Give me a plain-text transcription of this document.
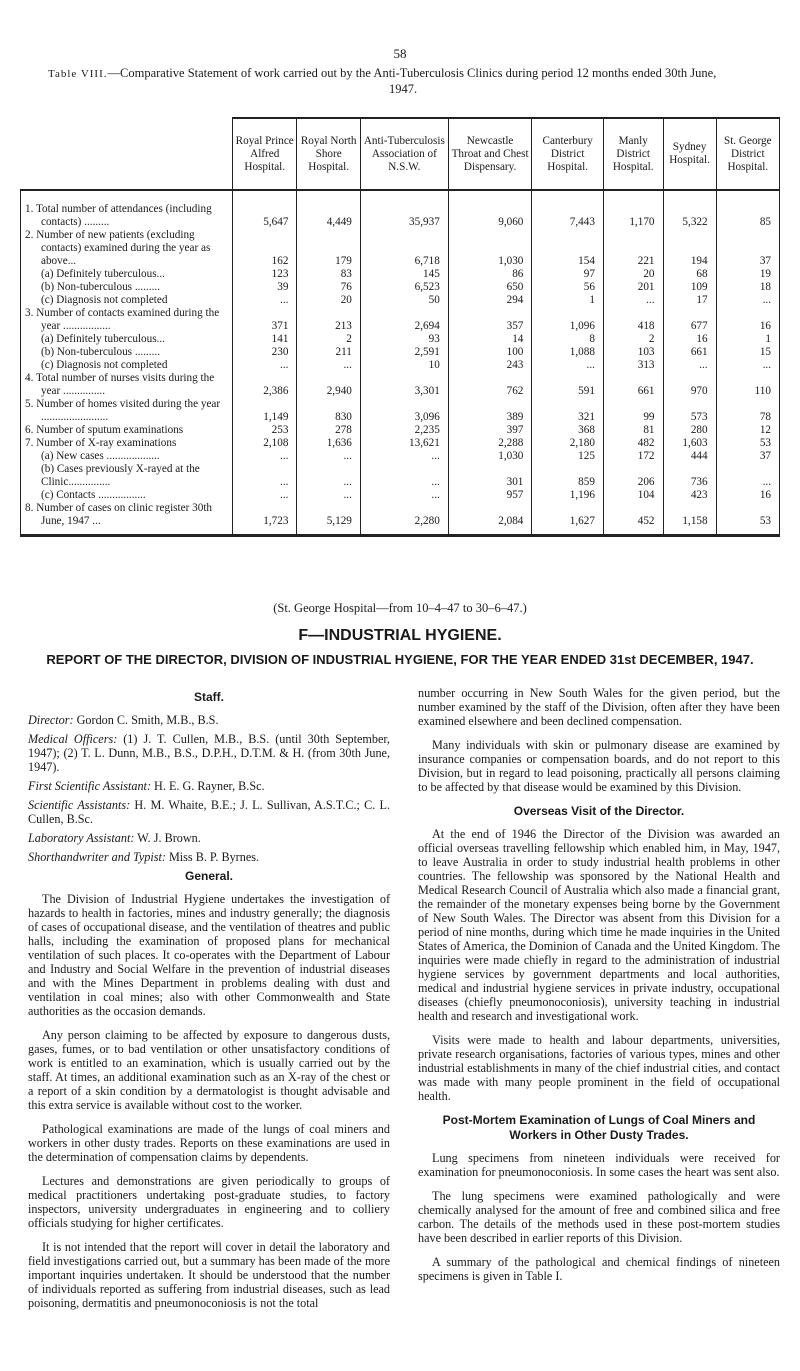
58
Table VIII.—Comparative Statement of work carried out by the Anti-Tuberculosis Clinics during period 12 months ended 30th June,
1947.
	Royal Prince Alfred Hospital.	Royal North Shore Hospital.	Anti-Tuberculosis Association of N.S.W.	Newcastle Throat and Chest Dispensary.	Canterbury District Hospital.	Manly District Hospital.	Sydney Hospital.	St. George District Hospital.

1. Total number of attendances (including contacts) .........	5,647	4,449	35,937	9,060	7,443	1,170	5,322	85

2. Number of new patients (excluding contacts) examined during the year as above...	162	179	6,718	1,030	154	221	194	37

(a) Definitely tuberculous...	123	83	145	86	97	20	68	19

(b) Non-tuberculous .........	39	76	6,523	650	56	201	109	18

(c) Diagnosis not completed	...	20	50	294	1	...	17	...

3. Number of contacts examined during the year .................	371	213	2,694	357	1,096	418	677	16

(a) Definitely tuberculous...	141	2	93	14	8	2	16	1

(b) Non-tuberculous .........	230	211	2,591	100	1,088	103	661	15

(c) Diagnosis not completed	...	...	10	243	...	313	...	...

4. Total number of nurses visits during the year ...............	2,386	2,940	3,301	762	591	661	970	110

5. Number of homes visited during the year ........................	1,149	830	3,096	389	321	99	573	78

6. Number of sputum examinations	253	278	2,235	397	368	81	280	12

7. Number of X-ray examinations	2,108	1,636	13,621	2,288	2,180	482	1,603	53

(a) New cases ...................	...	...	...	1,030	125	172	444	37

(b) Cases previously X-rayed at the Clinic...............	...	...	...	301	859	206	736	...

(c) Contacts .................	...	...	...	957	1,196	104	423	16

8. Number of cases on clinic register 30th June, 1947 ...	1,723	5,129	2,280	2,084	1,627	452	1,158	53
(St. George Hospital—from 10–4–47 to 30–6–47.)
F—INDUSTRIAL HYGIENE.
REPORT OF THE DIRECTOR, DIVISION OF INDUSTRIAL HYGIENE, FOR THE YEAR ENDED 31st DECEMBER, 1947.
Staff.

Director: Gordon C. Smith, M.B., B.S.

Medical Officers: (1) J. T. Cullen, M.B., B.S. (until 30th September, 1947); (2) T. L. Dunn, M.B., B.S., D.P.H., D.T.M. & H. (from 30th June, 1947).

First Scientific Assistant: H. E. G. Rayner, B.Sc.

Scientific Assistants: H. M. Whaite, B.E.; J. L. Sullivan, A.S.T.C.; C. L. Cullen, B.Sc.

Laboratory Assistant: W. J. Brown.

Shorthandwriter and Typist: Miss B. P. Byrnes.

General.

The Division of Industrial Hygiene undertakes the investigation of hazards to health in factories, mines and industry generally; the diagnosis of cases of occupational disease, and the ventilation of theatres and public halls, including the examination of proposed plans for mechanical ventilation of such places. It co-operates with the Department of Labour and Industry and Social Welfare in the prevention of industrial diseases and with the Mines Department in problems dealing with dust and ventilation in coal mines; also with other Commonwealth and State authorities as the occasion demands.

Any person claiming to be affected by exposure to dangerous dusts, gases, fumes, or to bad ventilation or other unsatisfactory conditions of work is entitled to an examination, which is usually carried out by the staff. At times, an additional examination such as an X-ray of the chest or a report of a skin condition by a dermatologist is thought advisable and this extra service is available without cost to the worker.

Pathological examinations are made of the lungs of coal miners and workers in other dusty trades. Reports on these examinations are used in the determination of compensation claims by dependents.

Lectures and demonstrations are given periodically to groups of medical practitioners undertaking post-graduate studies, to factory inspectors, university undergraduates in engineering and to colliery officials studying for higher certificates.

It is not intended that the report will cover in detail the laboratory and field investigations carried out, but a summary has been made of the more important inquiries undertaken. It should be understood that the number of individuals reported as suffering from industrial diseases, such as lead poisoning, dermatitis and pneumonoconiosis is not the total

number occurring in New South Wales for the given period, but the number examined by the staff of the Division, often after they have been examined elsewhere and been declined compensation.

Many individuals with skin or pulmonary disease are examined by insurance companies or compensation boards, and do not report to this Division, but in regard to lead poisoning, practically all persons claiming to be affected by that disease would be examined by this Division.

Overseas Visit of the Director.

At the end of 1946 the Director of the Division was awarded an official overseas travelling fellowship which enabled him, in May, 1947, to leave Australia in order to study industrial health problems in other countries. The fellowship was sponsored by the National Health and Medical Research Council of Australia which also made a financial grant, the remainder of the monetary expenses being borne by the Government of New South Wales. The Director was absent from this Division for a period of nine months, during which time he made inquiries in the United States of America, the Dominion of Canada and the United Kingdom. The inquiries were made chiefly in regard to the administration of industrial hygiene services by government departments and local authorities, medical and industrial hygiene services in private industry, occupational diseases (chiefly pneumonoconiosis), university teaching in industrial health and research and investigational work.

Visits were made to health and labour departments, universities, private research organisations, factories of various types, mines and other industrial establishments in many of the chief industrial cities, and contact was made with many people prominent in the field of occupational health.

Post-Mortem Examination of Lungs of Coal Miners and Workers in Other Dusty Trades.

Lung specimens from nineteen individuals were received for examination for pneumonoconiosis. In some cases the heart was sent also.

The lung specimens were examined pathologically and were chemically analysed for the amount of free and combined silica and free carbon. The details of the methods used in these post-mortem studies have been described in earlier reports of this Division.

A summary of the pathological and chemical findings of nineteen specimens is given in Table I.
